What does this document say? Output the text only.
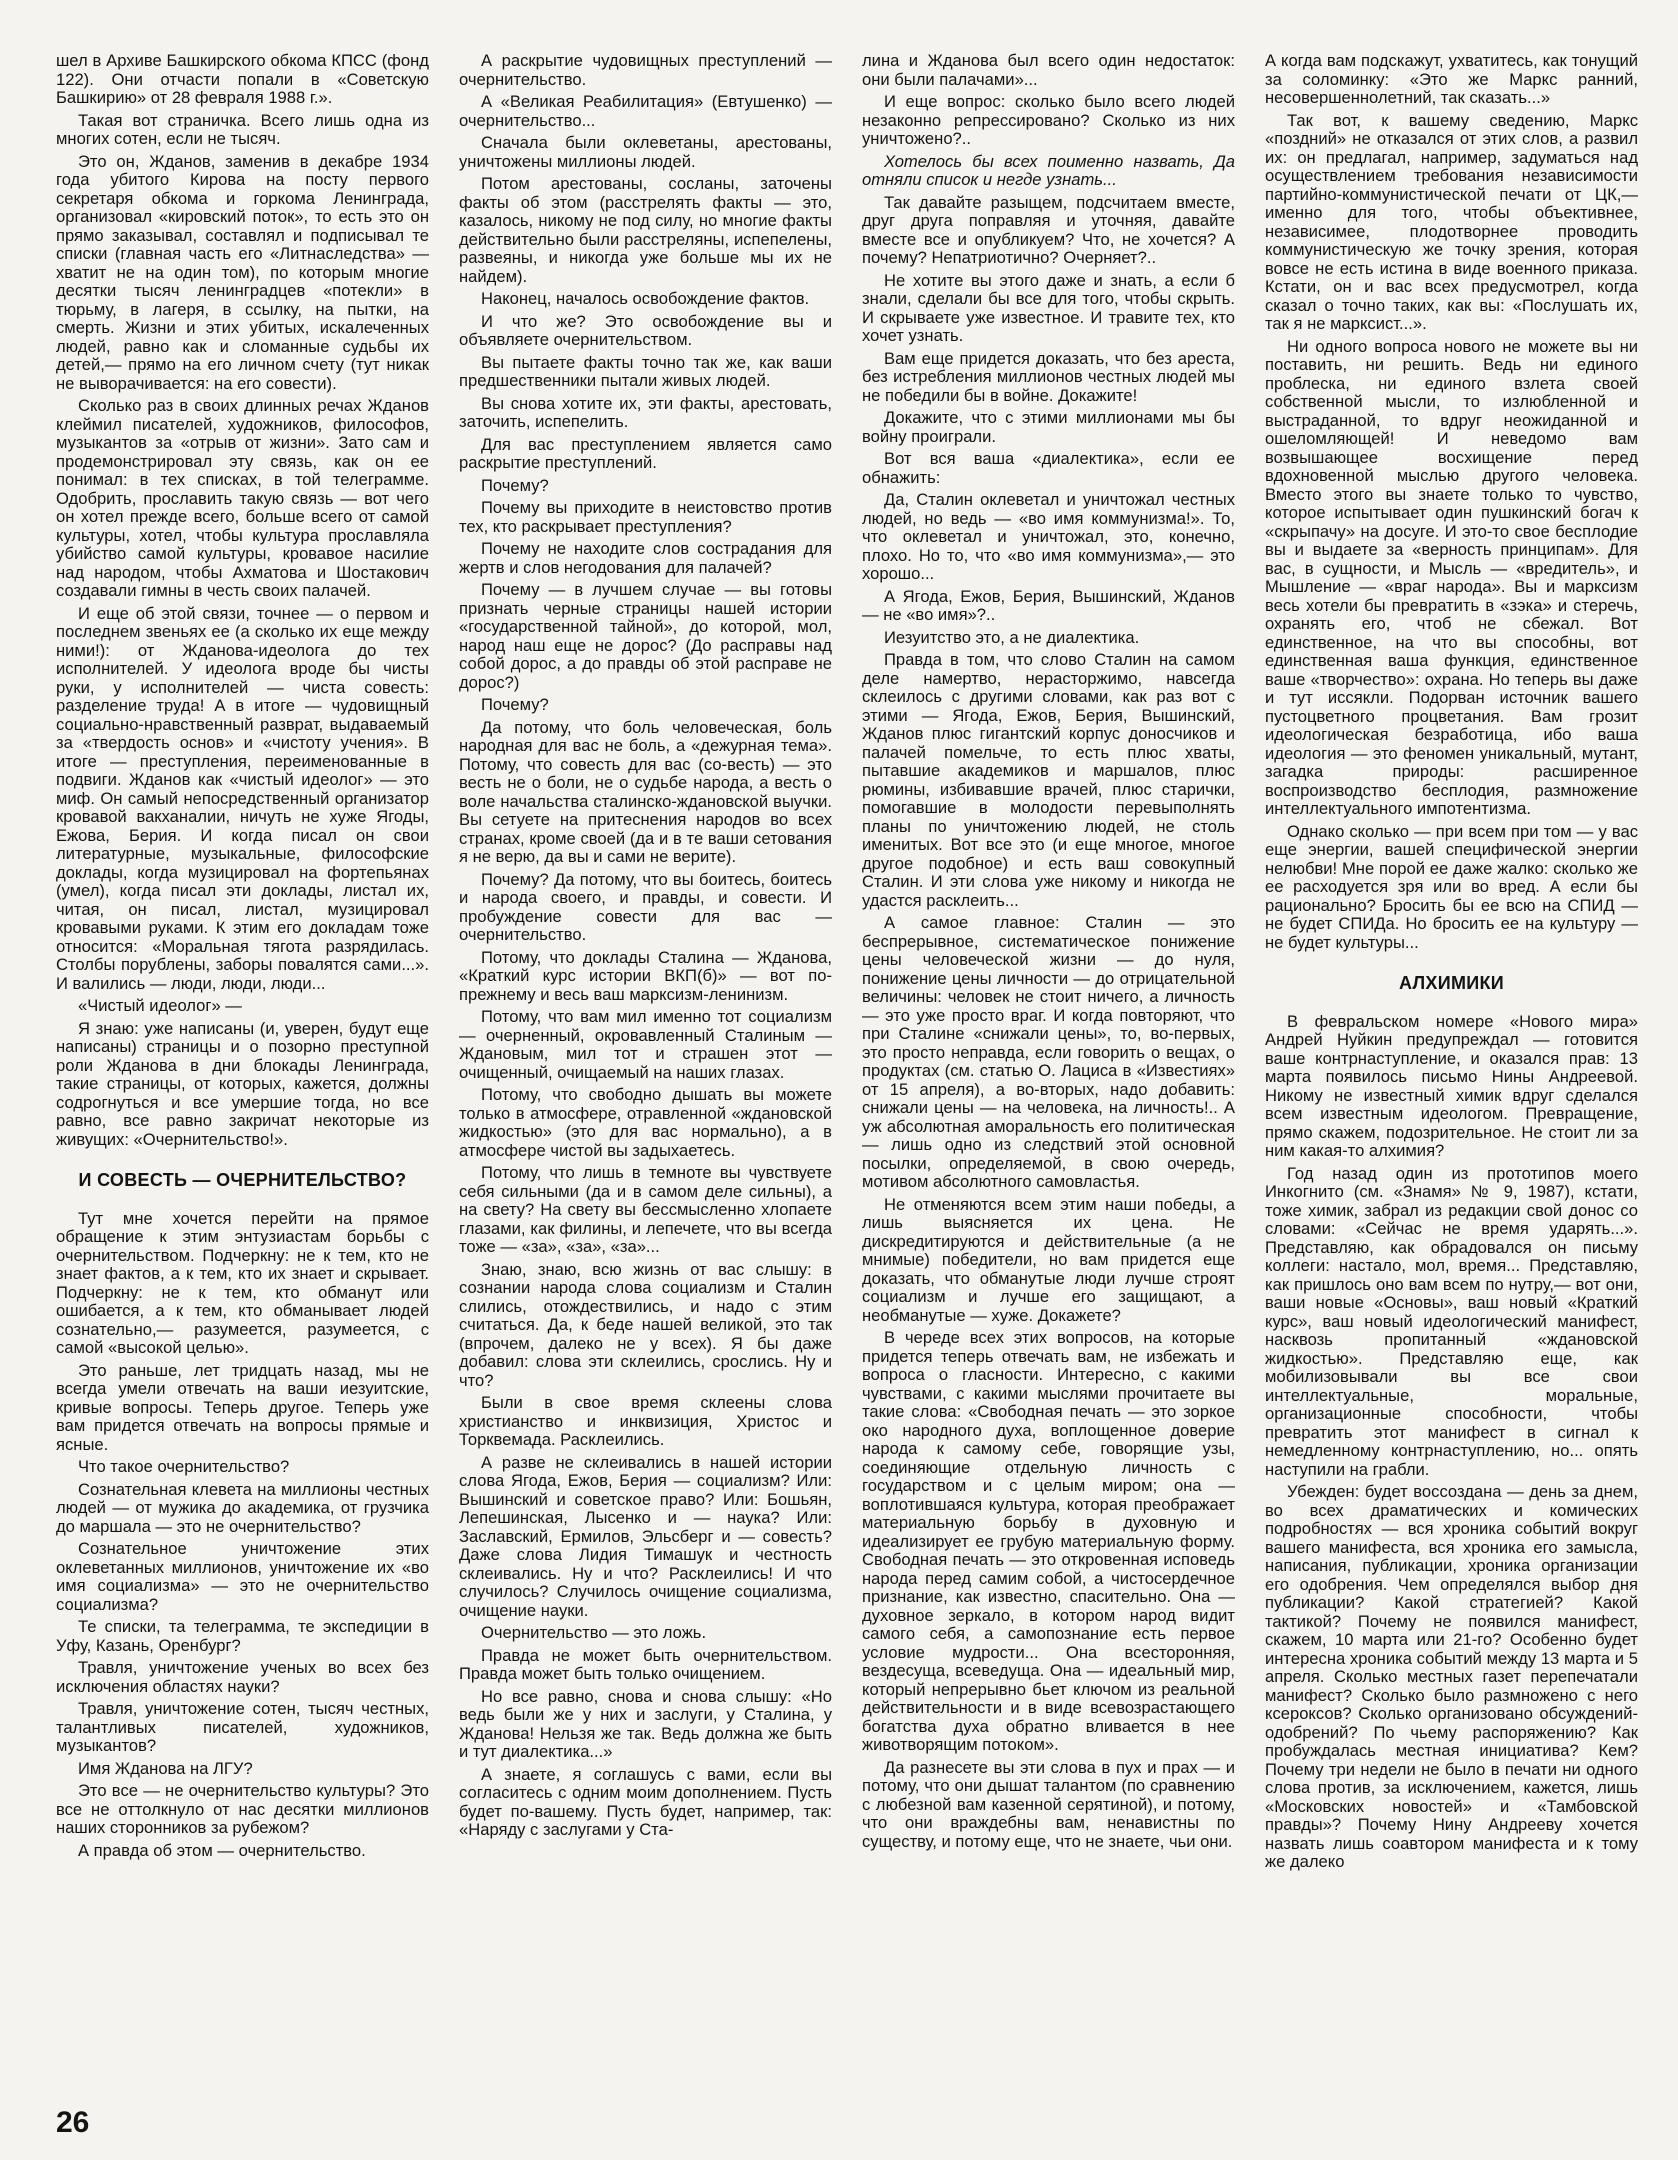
шел в Архиве Башкирского обкома КПСС (фонд 122). Они отчасти попали в «Советскую Башкирию» от 28 февраля 1988 г.».

Такая вот страничка. Всего лишь одна из многих сотен, если не тысяч.

Это он, Жданов, заменив в декабре 1934 года убитого Кирова на посту первого секретаря обкома и горкома Ленинграда, организовал «кировский поток», то есть это он прямо заказывал, составлял и подписывал те списки (главная часть его «Литнаследства» — хватит не на один том), по которым многие десятки тысяч ленинградцев «потекли» в тюрьму, в лагеря, в ссылку, на пытки, на смерть. Жизни и этих убитых, искалеченных людей, равно как и сломанные судьбы их детей,— прямо на его личном счету (тут никак не выворачивается: на его совести).

Сколько раз в своих длинных речах Жданов клеймил писателей, художников, философов, музыкантов за «отрыв от жизни». Зато сам и продемонстрировал эту связь, как он ее понимал: в тех списках, в той телеграмме. Одобрить, прославить такую связь — вот чего он хотел прежде всего, больше всего от самой культуры, хотел, чтобы культура прославляла убийство самой культуры, кровавое насилие над народом, чтобы Ахматова и Шостакович создавали гимны в честь своих палачей.

И еще об этой связи, точнее — о первом и последнем звеньях ее (а сколько их еще между ними!): от Жданова-идеолога до тех исполнителей. У идеолога вроде бы чисты руки, у исполнителей — чиста совесть: разделение труда! А в итоге — чудовищный социально-нравственный разврат, выдаваемый за «твердость основ» и «чистоту учения». В итоге — преступления, переименованные в подвиги. Жданов как «чистый идеолог» — это миф. Он самый непосредственный организатор кровавой вакханалии, ничуть не хуже Ягоды, Ежова, Берия. И когда писал он свои литературные, музыкальные, философские доклады, когда музицировал на фортепьянах (умел), когда писал эти доклады, листал их, читая, он писал, листал, музицировал кровавыми руками. К этим его докладам тоже относится: «Моральная тягота разрядилась. Столбы порублены, заборы повалятся сами...». И валились — люди, люди, люди...

«Чистый идеолог» —

Я знаю: уже написаны (и, уверен, будут еще написаны) страницы и о позорно преступной роли Жданова в дни блокады Ленинграда, такие страницы, от которых, кажется, должны содрогнуться и все умершие тогда, но все равно, все равно закричат некоторые из живущих: «Очернительство!».

И СОВЕСТЬ — ОЧЕРНИТЕЛЬСТВО?

Тут мне хочется перейти на прямое обращение к этим энтузиастам борьбы с очернительством. Подчеркну: не к тем, кто не знает фактов, а к тем, кто их знает и скрывает. Подчеркну: не к тем, кто обманут или ошибается, а к тем, кто обманывает людей сознательно,— разумеется, разумеется, с самой «высокой целью».

Это раньше, лет тридцать назад, мы не всегда умели отвечать на ваши иезуитские, кривые вопросы. Теперь другое. Теперь уже вам придется отвечать на вопросы прямые и ясные.

Что такое очернительство?

Сознательная клевета на миллионы честных людей — от мужика до академика, от грузчика до маршала — это не очернительство?

Сознательное уничтожение этих оклеветанных миллионов, уничтожение их «во имя социализма» — это не очернительство социализма?

Те списки, та телеграмма, те экспедиции в Уфу, Казань, Оренбург?

Травля, уничтожение ученых во всех без исключения областях науки?

Травля, уничтожение сотен, тысяч честных, талантливых писателей, художников, музыкантов?

Имя Жданова на ЛГУ?

Это все — не очернительство культуры? Это все не оттолкнуло от нас десятки миллионов наших сторонников за рубежом?

А правда об этом — очернительство.

А раскрытие чудовищных преступлений — очернительство.

А «Великая Реабилитация» (Евтушенко) — очернительство...

Сначала были оклеветаны, арестованы, уничтожены миллионы людей.

Потом арестованы, сосланы, заточены факты об этом (расстрелять факты — это, казалось, никому не под силу, но многие факты действительно были расстреляны, испепелены, развеяны, и никогда уже больше мы их не найдем).

Наконец, началось освобождение фактов.

И что же? Это освобождение вы и объявляете очернительством.

Вы пытаете факты точно так же, как ваши предшественники пытали живых людей.

Вы снова хотите их, эти факты, арестовать, заточить, испепелить.

Для вас преступлением является само раскрытие преступлений.

Почему?

Почему вы приходите в неистовство против тех, кто раскрывает преступления?

Почему не находите слов сострадания для жертв и слов негодования для палачей?

Почему — в лучшем случае — вы готовы признать черные страницы нашей истории «государственной тайной», до которой, мол, народ наш еще не дорос? (До расправы над собой дорос, а до правды об этой расправе не дорос?)

Почему?

Да потому, что боль человеческая, боль народная для вас не боль, а «дежурная тема». Потому, что совесть для вас (со-весть) — это весть не о боли, не о судьбе народа, а весть о воле начальства сталинско-ждановской выучки. Вы сетуете на притеснения народов во всех странах, кроме своей (да и в те ваши сетования я не верю, да вы и сами не верите).

Почему? Да потому, что вы боитесь, боитесь и народа своего, и правды, и совести. И пробуждение совести для вас — очернительство.

Потому, что доклады Сталина — Жданова, «Краткий курс истории ВКП(б)» — вот по-прежнему и весь ваш марксизм-ленинизм.

Потому, что вам мил именно тот социализм — очерненный, окровавленный Сталиным — Ждановым, мил тот и страшен этот — очищенный, очищаемый на наших глазах.

Потому, что свободно дышать вы можете только в атмосфере, отравленной «ждановской жидкостью» (это для вас нормально), а в атмосфере чистой вы задыхаетесь.

Потому, что лишь в темноте вы чувствуете себя сильными (да и в самом деле сильны), а на свету? На свету вы бессмысленно хлопаете глазами, как филины, и лепечете, что вы всегда тоже — «за», «за», «за»...

Знаю, знаю, всю жизнь от вас слышу: в сознании народа слова социализм и Сталин слились, отождествились, и надо с этим считаться. Да, к беде нашей великой, это так (впрочем, далеко не у всех). Я бы даже добавил: слова эти склеились, срослись. Ну и что?

Были в свое время склеены слова христианство и инквизиция, Христос и Торквемада. Расклеились.

А разве не склеивались в нашей истории слова Ягода, Ежов, Берия — социализм? Или: Вышинский и советское право? Или: Бошьян, Лепешинская, Лысенко и — наука? Или: Заславский, Ермилов, Эльсберг и — совесть? Даже слова Лидия Тимашук и честность склеивались. Ну и что? Расклеились! И что случилось? Случилось очищение социализма, очищение науки.

Очернительство — это ложь.

Правда не может быть очернительством. Правда может быть только очищением.

Но все равно, снова и снова слышу: «Но ведь были же у них и заслуги, у Сталина, у Жданова! Нельзя же так. Ведь должна же быть и тут диалектика...»

А знаете, я соглашусь с вами, если вы согласитесь с одним моим дополнением. Пусть будет по-вашему. Пусть будет, например, так: «Наряду с заслугами у Ста-

лина и Жданова был всего один недостаток: они были палачами»...

И еще вопрос: сколько было всего людей незаконно репрессировано? Сколько из них уничтожено?..

Хотелось бы всех поименно назвать, Да отняли список и негде узнать...

Так давайте разыщем, подсчитаем вместе, друг друга поправляя и уточняя, давайте вместе все и опубликуем? Что, не хочется? А почему? Непатриотично? Очерняет?..

Не хотите вы этого даже и знать, а если б знали, сделали бы все для того, чтобы скрыть. И скрываете уже известное. И травите тех, кто хочет узнать.

Вам еще придется доказать, что без ареста, без истребления миллионов честных людей мы не победили бы в войне. Докажите!

Докажите, что с этими миллионами мы бы войну проиграли.

Вот вся ваша «диалектика», если ее обнажить:

Да, Сталин оклеветал и уничтожал честных людей, но ведь — «во имя коммунизма!». То, что оклеветал и уничтожал, это, конечно, плохо. Но то, что «во имя коммунизма»,— это хорошо...

А Ягода, Ежов, Берия, Вышинский, Жданов — не «во имя»?..

Иезуитство это, а не диалектика.

Правда в том, что слово Сталин на самом деле намертво, нерасторжимо, навсегда склеилось с другими словами, как раз вот с этими — Ягода, Ежов, Берия, Вышинский, Жданов плюс гигантский корпус доносчиков и палачей помельче, то есть плюс хваты, пытавшие академиков и маршалов, плюс рюмины, избивавшие врачей, плюс старички, помогавшие в молодости перевыполнять планы по уничтожению людей, не столь именитых. Вот все это (и еще многое, многое другое подобное) и есть ваш совокупный Сталин. И эти слова уже никому и никогда не удастся расклеить...

А самое главное: Сталин — это беспрерывное, систематическое понижение цены человеческой жизни — до нуля, понижение цены личности — до отрицательной величины: человек не стоит ничего, а личность — это уже просто враг. И когда повторяют, что при Сталине «снижали цены», то, во-первых, это просто неправда, если говорить о вещах, о продуктах (см. статью О. Лациса в «Известиях» от 15 апреля), а во-вторых, надо добавить: снижали цены — на человека, на личность!.. А уж абсолютная аморальность его политическая — лишь одно из следствий этой основной посылки, определяемой, в свою очередь, мотивом абсолютного самовластья.

Не отменяются всем этим наши победы, а лишь выясняется их цена. Не дискредитируются и действительные (а не мнимые) победители, но вам придется еще доказать, что обманутые люди лучше строят социализм и лучше его защищают, а необманутые — хуже. Докажете?

В череде всех этих вопросов, на которые придется теперь отвечать вам, не избежать и вопроса о гласности. Интересно, с какими чувствами, с какими мыслями прочитаете вы такие слова: «Свободная печать — это зоркое око народного духа, воплощенное доверие народа к самому себе, говорящие узы, соединяющие отдельную личность с государством и с целым миром; она — воплотившаяся культура, которая преображает материальную борьбу в духовную и идеализирует ее грубую материальную форму. Свободная печать — это откровенная исповедь народа перед самим собой, а чистосердечное признание, как известно, спасительно. Она — духовное зеркало, в котором народ видит самого себя, а самопознание есть первое условие мудрости... Она всесторонняя, вездесуща, всеведуща. Она — идеальный мир, который непрерывно бьет ключом из реальной действительности и в виде всевозрастающего богатства духа обратно вливается в нее животворящим потоком».

Да разнесете вы эти слова в пух и прах — и потому, что они дышат талантом (по сравнению с любезной вам казенной серятиной), и потому, что они враждебны вам, ненавистны по существу, и потому еще, что не знаете, чьи они.

А когда вам подскажут, ухватитесь, как тонущий за соломинку: «Это же Маркс ранний, несовершеннолетний, так сказать...»

Так вот, к вашему сведению, Маркс «поздний» не отказался от этих слов, а развил их: он предлагал, например, задуматься над осуществлением требования независимости партийно-коммунистической печати от ЦК,— именно для того, чтобы объективнее, независимее, плодотворнее проводить коммунистическую же точку зрения, которая вовсе не есть истина в виде военного приказа. Кстати, он и вас всех предусмотрел, когда сказал о точно таких, как вы: «Послушать их, так я не марксист...».

Ни одного вопроса нового не можете вы ни поставить, ни решить. Ведь ни единого проблеска, ни единого взлета своей собственной мысли, то излюбленной и выстраданной, то вдруг неожиданной и ошеломляющей! И неведомо вам возвышающее восхищение перед вдохновенной мыслью другого человека. Вместо этого вы знаете только то чувство, которое испытывает один пушкинский богач к «скрыпачу» на досуге. И это-то свое бесплодие вы и выдаете за «верность принципам». Для вас, в сущности, и Мысль — «вредитель», и Мышление — «враг народа». Вы и марксизм весь хотели бы превратить в «зэка» и стеречь, охранять его, чтоб не сбежал. Вот единственное, на что вы способны, вот единственная ваша функция, единственное ваше «творчество»: охрана. Но теперь вы даже и тут иссякли. Подорван источник вашего пустоцветного процветания. Вам грозит идеологическая безработица, ибо ваша идеология — это феномен уникальный, мутант, загадка природы: расширенное воспроизводство бесплодия, размножение интеллектуального импотентизма.

Однако сколько — при всем при том — у вас еще энергии, вашей специфической энергии нелюбви! Мне порой ее даже жалко: сколько же ее расходуется зря или во вред. А если бы рационально? Бросить бы ее всю на СПИД — не будет СПИДа. Но бросить ее на культуру — не будет культуры...

АЛХИМИКИ

В февральском номере «Нового мира» Андрей Нуйкин предупреждал — готовится ваше контрнаступление, и оказался прав: 13 марта появилось письмо Нины Андреевой. Никому не известный химик вдруг сделался всем известным идеологом. Превращение, прямо скажем, подозрительное. Не стоит ли за ним какая-то алхимия?

Год назад один из прототипов моего Инкогнито (см. «Знамя» № 9, 1987), кстати, тоже химик, забрал из редакции свой донос со словами: «Сейчас не время ударять...». Представляю, как обрадовался он письму коллеги: настало, мол, время... Представляю, как пришлось оно вам всем по нутру,— вот они, ваши новые «Основы», ваш новый «Краткий курс», ваш новый идеологический манифест, насквозь пропитанный «ждановской жидкостью». Представляю еще, как мобилизовывали вы все свои интеллектуальные, моральные, организационные способности, чтобы превратить этот манифест в сигнал к немедленному контрнаступлению, но... опять наступили на грабли.

Убежден: будет воссоздана — день за днем, во всех драматических и комических подробностях — вся хроника событий вокруг вашего манифеста, вся хроника его замысла, написания, публикации, хроника организации его одобрения. Чем определялся выбор дня публикации? Какой стратегией? Какой тактикой? Почему не появился манифест, скажем, 10 марта или 21-го? Особенно будет интересна хроника событий между 13 марта и 5 апреля. Сколько местных газет перепечатали манифест? Сколько было размножено с него ксероксов? Сколько организовано обсуждений-одобрений? По чьему распоряжению? Как пробуждалась местная инициатива? Кем? Почему три недели не было в печати ни одного слова против, за исключением, кажется, лишь «Московских новостей» и «Тамбовской правды»? Почему Нину Андрееву хочется назвать лишь соавтором манифеста и к тому же далеко

26
